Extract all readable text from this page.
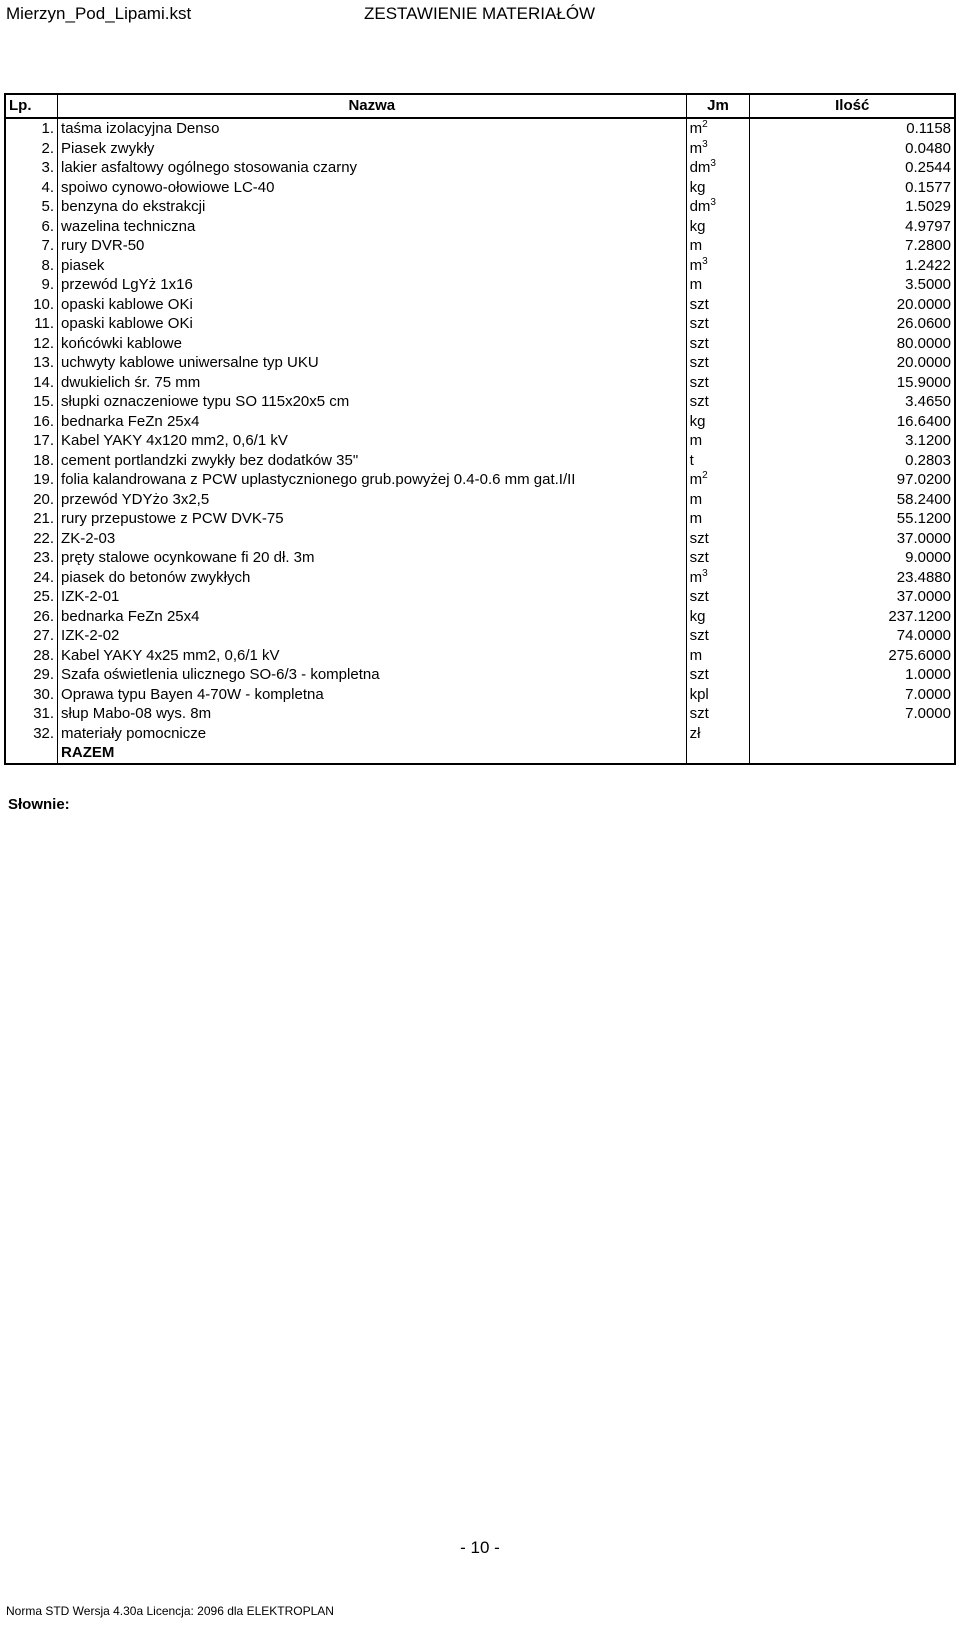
Mierzyn_Pod_Lipami.kst	ZESTAWIENIE MATERIAŁÓW
Lp.	Nazwa	Jm	Ilość
1.	taśma izolacyjna Denso	$m^2$	0.1158
2.	Piasek zwykły	$m^3$	0.0480
3.	lakier asfaltowy ogólnego stosowania czarny	$dm^3$	0.2544
4.	spoiwo cynowo-ołowiowe LC-40	kg	0.1577
5.	benzyna do ekstrakcji	$dm^3$	1.5029
6.	wazelina techniczna	kg	4.9797
7.	rury DVR-50	m	7.2800
8.	piasek	$m^3$	1.2422
9.	przewód LgYż 1x16	m	3.5000
10.	opaski kablowe OKi	szt	20.0000
11.	opaski kablowe OKi	szt	26.0600
12.	końcówki kablowe	szt	80.0000
13.	uchwyty kablowe uniwersalne typ UKU	szt	20.0000
14.	dwukielich śr. 75 mm	szt	15.9000
15.	słupki oznaczeniowe typu SO 115x20x5 cm	szt	3.4650
16.	bednarka FeZn 25x4	kg	16.6400
17.	Kabel YAKY 4x120 mm2, 0,6/1 kV	m	3.1200
18.	cement portlandzki zwykły bez dodatków 35"	t	0.2803
19.	folia kalandrowana z PCW uplastycznionego grub.powyżej 0.4-0.6 mm gat.I/II	$m^2$	97.0200
20.	przewód YDYżo 3x2,5	m	58.2400
21.	rury przepustowe z PCW DVK-75	m	55.1200
22.	ZK-2-03	szt	37.0000
23.	pręty stalowe ocynkowane fi 20 dł. 3m	szt	9.0000
24.	piasek do betonów zwykłych	$m^3$	23.4880
25.	IZK-2-01	szt	37.0000
26.	bednarka FeZn 25x4	kg	237.1200
27.	IZK-2-02	szt	74.0000
28.	Kabel YAKY 4x25 mm2, 0,6/1 kV	m	275.6000
29.	Szafa oświetlenia ulicznego SO-6/3 - kompletna	szt	1.0000
30.	Oprawa typu Bayen 4-70W - kompletna	kpl	7.0000
31.	słup Mabo-08 wys. 8m	szt	7.0000
32.	materiały pomocnicze	zł	
	RAZEM		
Słownie:
- 10 -
Norma STD Wersja 4.30a Licencja: 2096 dla ELEKTROPLAN
